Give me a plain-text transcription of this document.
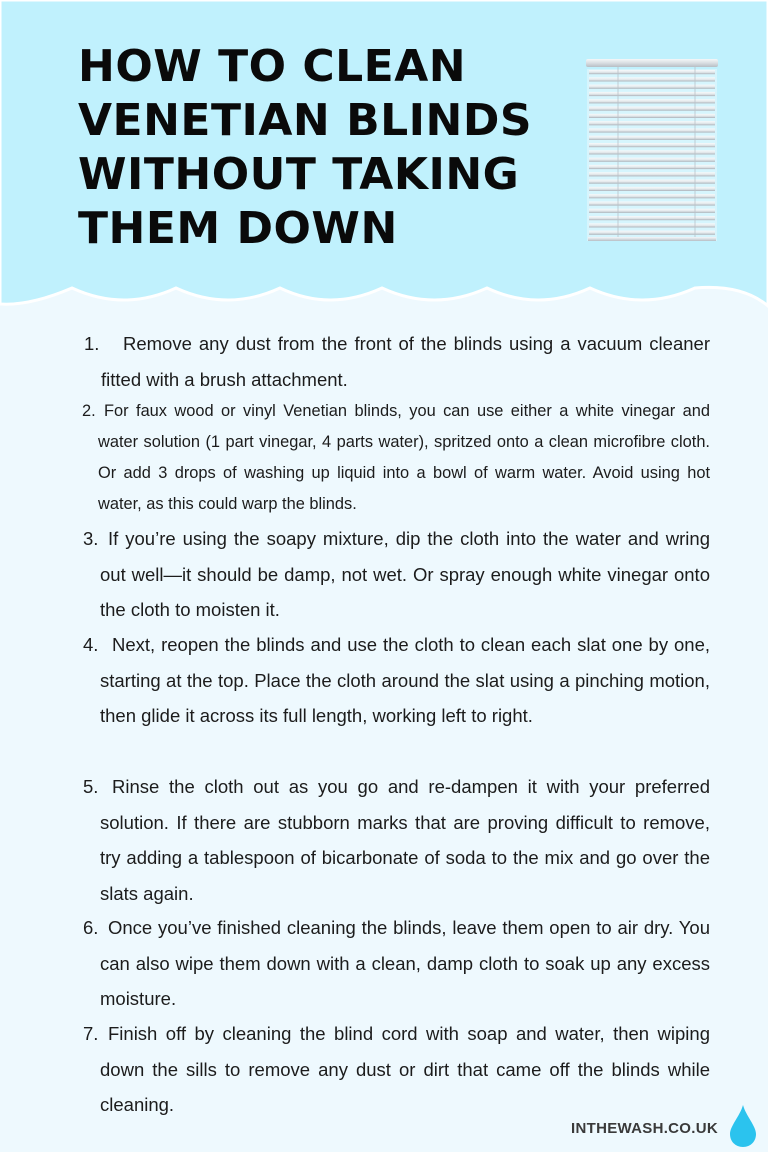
HOW TO CLEAN
VENETIAN BLINDS
WITHOUT TAKING
THEM DOWN
1.	Remove any dust from the front of the blinds using a vacuum cleaner fitted with a brush attachment.
2. For faux wood or vinyl Venetian blinds, you can use either a white vinegar and water solution (1 part vinegar, 4 parts water), spritzed onto a clean microfibre cloth. Or add 3 drops of washing up liquid into a bowl of warm water. Avoid using hot water, as this could warp the blinds.
3. If you’re using the soapy mixture, dip the cloth into the water and wring out well—it should be damp, not wet. Or spray enough white vinegar onto the cloth to moisten it.
4. Next, reopen the blinds and use the cloth to clean each slat one by one, starting at the top. Place the cloth around the slat using a pinching motion, then glide it across its full length, working left to right.
5. Rinse the cloth out as you go and re-dampen it with your preferred solution. If there are stubborn marks that are proving difficult to remove, try adding a tablespoon of bicarbonate of soda to the mix and go over the slats again.
6. Once you’ve finished cleaning the blinds, leave them open to air dry. You can also wipe them down with a clean, damp cloth to soak up any excess moisture.
7. Finish off by cleaning the blind cord with soap and water, then wiping down the sills to remove any dust or dirt that came off the blinds while cleaning.
INTHEWASH.CO.UK
